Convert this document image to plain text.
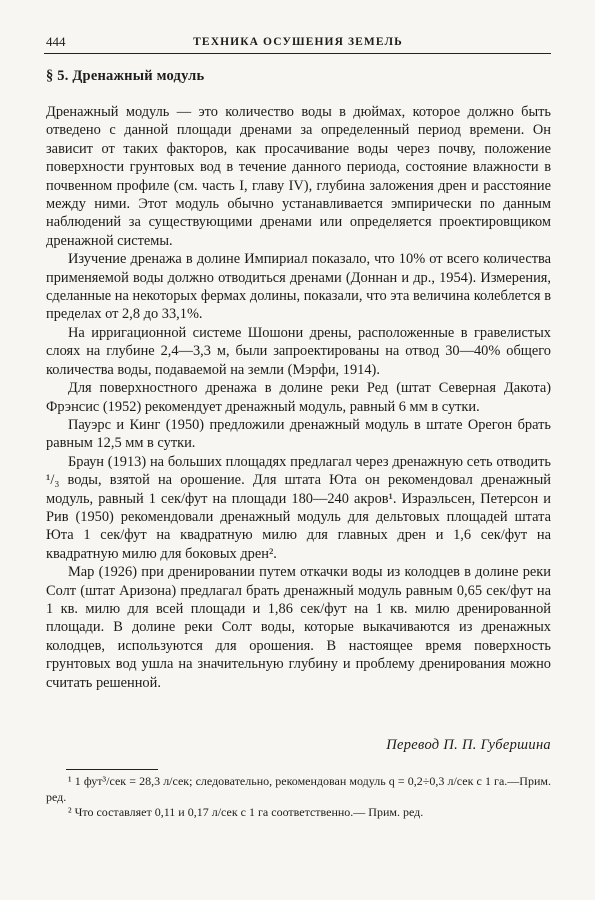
444	ТЕХНИКА ОСУШЕНИЯ ЗЕМЕЛЬ
§ 5. Дренажный модуль

Дренажный модуль — это количество воды в дюймах, которое должно быть отведено с данной площади дренами за определенный период времени. Он зависит от таких факторов, как просачивание воды через почву, положение поверхности грунтовых вод в течение данного периода, состояние влажности в почвенном профиле (см. часть I, главу IV), глубина заложения дрен и расстояние между ними. Этот модуль обычно устанавливается эмпирически по данным наблюдений за существующими дренами или определяется проектировщиком дренажной системы.

Изучение дренажа в долине Импириал показало, что 10% от всего количества применяемой воды должно отводиться дренами (Доннан и др., 1954). Измерения, сделанные на некоторых фермах долины, показали, что эта величина колеблется в пределах от 2,8 до 33,1%.

На ирригационной системе Шошони дрены, расположенные в гравелистых слоях на глубине 2,4—3,3 м, были запроектированы на отвод 30—40% общего количества воды, подаваемой на земли (Мэрфи, 1914).

Для поверхностного дренажа в долине реки Ред (штат Северная Дакота) Фрэнсис (1952) рекомендует дренажный модуль, равный 6 мм в сутки.

Пауэрс и Кинг (1950) предложили дренажный модуль в штате Орегон брать равным 12,5 мм в сутки.

Браун (1913) на больших площадях предлагал через дренажную сеть отводить ¹/₃ воды, взятой на орошение. Для штата Юта он рекомендовал дренажный модуль, равный 1 сек/фут на площади 180—240 акров¹. Израэльсен, Петерсон и Рив (1950) рекомендовали дренажный модуль для дельтовых площадей штата Юта 1 сек/фут на квадратную милю для главных дрен и 1,6 сек/фут на квадратную милю для боковых дрен².

Мар (1926) при дренировании путем откачки воды из колодцев в долине реки Солт (штат Аризона) предлагал брать дренажный модуль равным 0,65 сек/фут на 1 кв. милю для всей площади и 1,86 сек/фут на 1 кв. милю дренированной площади. В долине реки Солт воды, которые выкачиваются из дренажных колодцев, используются для орошения. В настоящее время поверхность грунтовых вод ушла на значительную глубину и проблему дренирования можно считать решенной.

Перевод П. П. Губершина

¹ 1 фут³/сек = 28,3 л/сек; следовательно, рекомендован модуль q = 0,2÷0,3 л/сек с 1 га.—Прим. ред.

² Что составляет 0,11 и 0,17 л/сек с 1 га соответственно.— Прим. ред.
